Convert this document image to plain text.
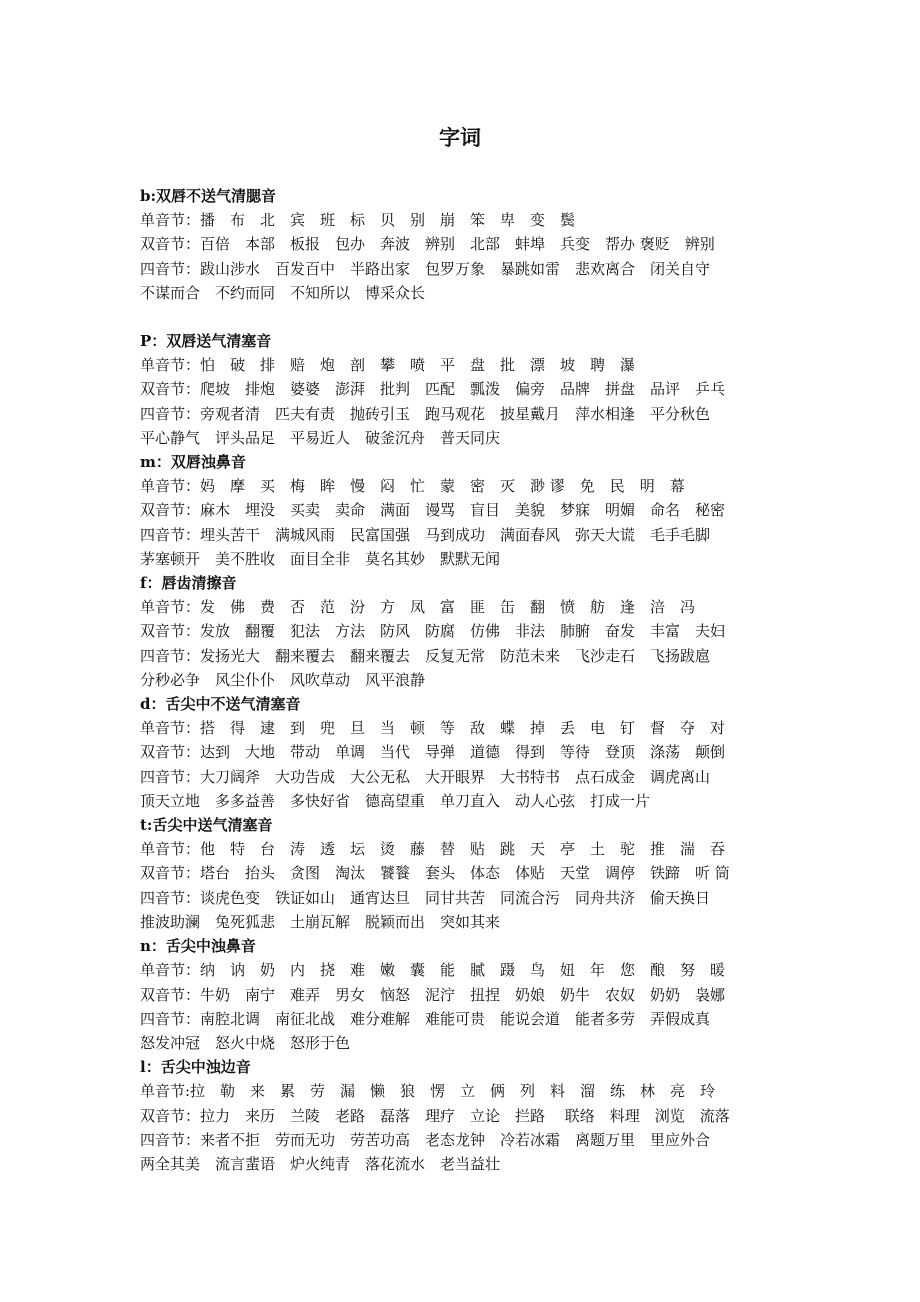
字词
b:双唇不送气清腮音
单音节：播　布　北　宾　班　标　贝　别　崩　笨　卑　变　鬓
双音节：百倍　本部　板报　包办　奔波　辨别　北部　蚌埠　兵变　帮办 褒贬　辨别
四音节：跋山涉水　百发百中　半路出家　包罗万象　暴跳如雷　悲欢离合　闭关自守
不谋而合　不约而同　不知所以　博采众长
P：双唇送气清塞音
单音节：怕　破　排　赔　炮　剖　攀　喷　平　盘　批　漂　坡　聘　瀑
双音节：爬坡　排炮　婆婆　澎湃　批判　匹配　瓢泼　偏旁　品牌　拼盘　品评　乒乓
四音节：旁观者清　匹夫有责　抛砖引玉　跑马观花　披星戴月　萍水相逢　平分秋色
平心静气　评头品足　平易近人　破釜沉舟　普天同庆
m：双唇浊鼻音
单音节：妈　摩　买　梅　眸　慢　闷　忙　蒙　密　灭　渺 谬　免　民　明　幕
双音节：麻木　埋没　买卖　卖命　满面　谩骂　盲目　美貌　梦寐　明媚　命名　秘密
四音节：埋头苦干　满城风雨　民富国强　马到成功　满面春风　弥天大谎　毛手毛脚
茅塞顿开　美不胜收　面目全非　莫名其妙　默默无闻
f：唇齿清擦音
单音节：发　佛　费　否　范　汾　方　凤　富　匪　缶　翻　愤　舫　逢　涪　冯
双音节：发放　翻覆　犯法　方法　防风　防腐　仿佛　非法　肺腑　奋发　丰富　夫妇
四音节：发扬光大　翻来覆去　翻来覆去　反复无常　防范未来　飞沙走石　飞扬跋扈
分秒必争　风尘仆仆　风吹草动　风平浪静
d：舌尖中不送气清塞音
单音节：搭　得　逮　到　兜　旦　当　顿　等　敌　蝶　掉　丢　电　钉　督　夺　对
双音节：达到　大地　带动　单调　当代　导弹　道德　得到　等待　登顶　涤荡　颠倒
四音节：大刀阔斧　大功告成　大公无私　大开眼界　大书特书　点石成金　调虎离山
顶天立地　多多益善　多快好省　德高望重　单刀直入　动人心弦　打成一片
t:舌尖中送气清塞音
单音节：他　特　台　涛　透　坛　烫　藤　替　贴　跳　天　亭　土　驼　推　湍　吞
双音节：塔台　抬头　贪图　淘汰　饕餮　套头　体态　体贴　天堂　调停　铁蹄　听 筒
四音节：谈虎色变　铁证如山　通宵达旦　同甘共苦　同流合污　同舟共济　偷天换日
推波助澜　兔死狐悲　土崩瓦解　脱颖而出　突如其来
n：舌尖中浊鼻音
单音节：纳　讷　奶　内　挠　难　嫩　囊　能　腻　蹑　鸟　妞　年　您　酿　努　暖
双音节：牛奶　南宁　难弄　男女　恼怒　泥泞　扭捏　奶娘　奶牛　农奴　奶奶　袅娜
四音节：南腔北调　南征北战　难分难解　难能可贵　能说会道　能者多劳　弄假成真
怒发冲冠　怒火中烧　怒形于色
l：舌尖中浊边音
单音节:拉　勒　来　累　劳　漏　懒　狼　愣　立　俩　列　料　溜　练　林　亮　玲
双音节：拉力　来历　兰陵　老路　磊落　理疗　立论　拦路　 联络　料理　浏览　流落
四音节：来者不拒　劳而无功　劳苦功高　老态龙钟　冷若冰霜　离题万里　里应外合
两全其美　流言蜚语　炉火纯青　落花流水　老当益壮
